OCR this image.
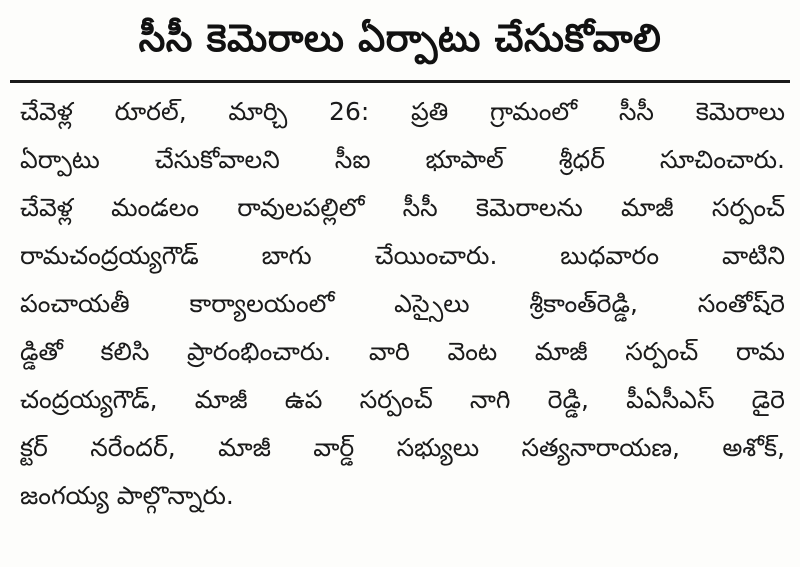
సీసీ కెమెరాలు ఏర్పాటు చేసుకోవాలి
చేవెళ్ల రూరల్, మార్చి 26: ప్రతి గ్రామంలో సీసీ కెమెరాలు
ఏర్పాటు చేసుకోవాలని సీఐ భూపాల్ శ్రీధర్ సూచించారు.
చేవెళ్ల మండలం రావులపల్లిలో సీసీ కెమెరాలను మాజీ సర్పంచ్
రామచంద్రయ్యగౌడ్ బాగు చేయించారు. బుధవారం వాటిని
పంచాయతీ కార్యాలయంలో ఎస్సైలు శ్రీకాంత్‌రెడ్డి, సంతోష్‌రె
డ్డితో కలిసి ప్రారంభించారు. వారి వెంట మాజీ సర్పంచ్ రామ
చంద్రయ్యగౌడ్, మాజీ ఉప సర్పంచ్ నాగి రెడ్డి, పీఏసీఎస్ డైరె
క్టర్ నరేందర్, మాజీ వార్డ్ సభ్యులు సత్యనారాయణ, అశోక్,
జంగయ్య పాల్గొన్నారు.
